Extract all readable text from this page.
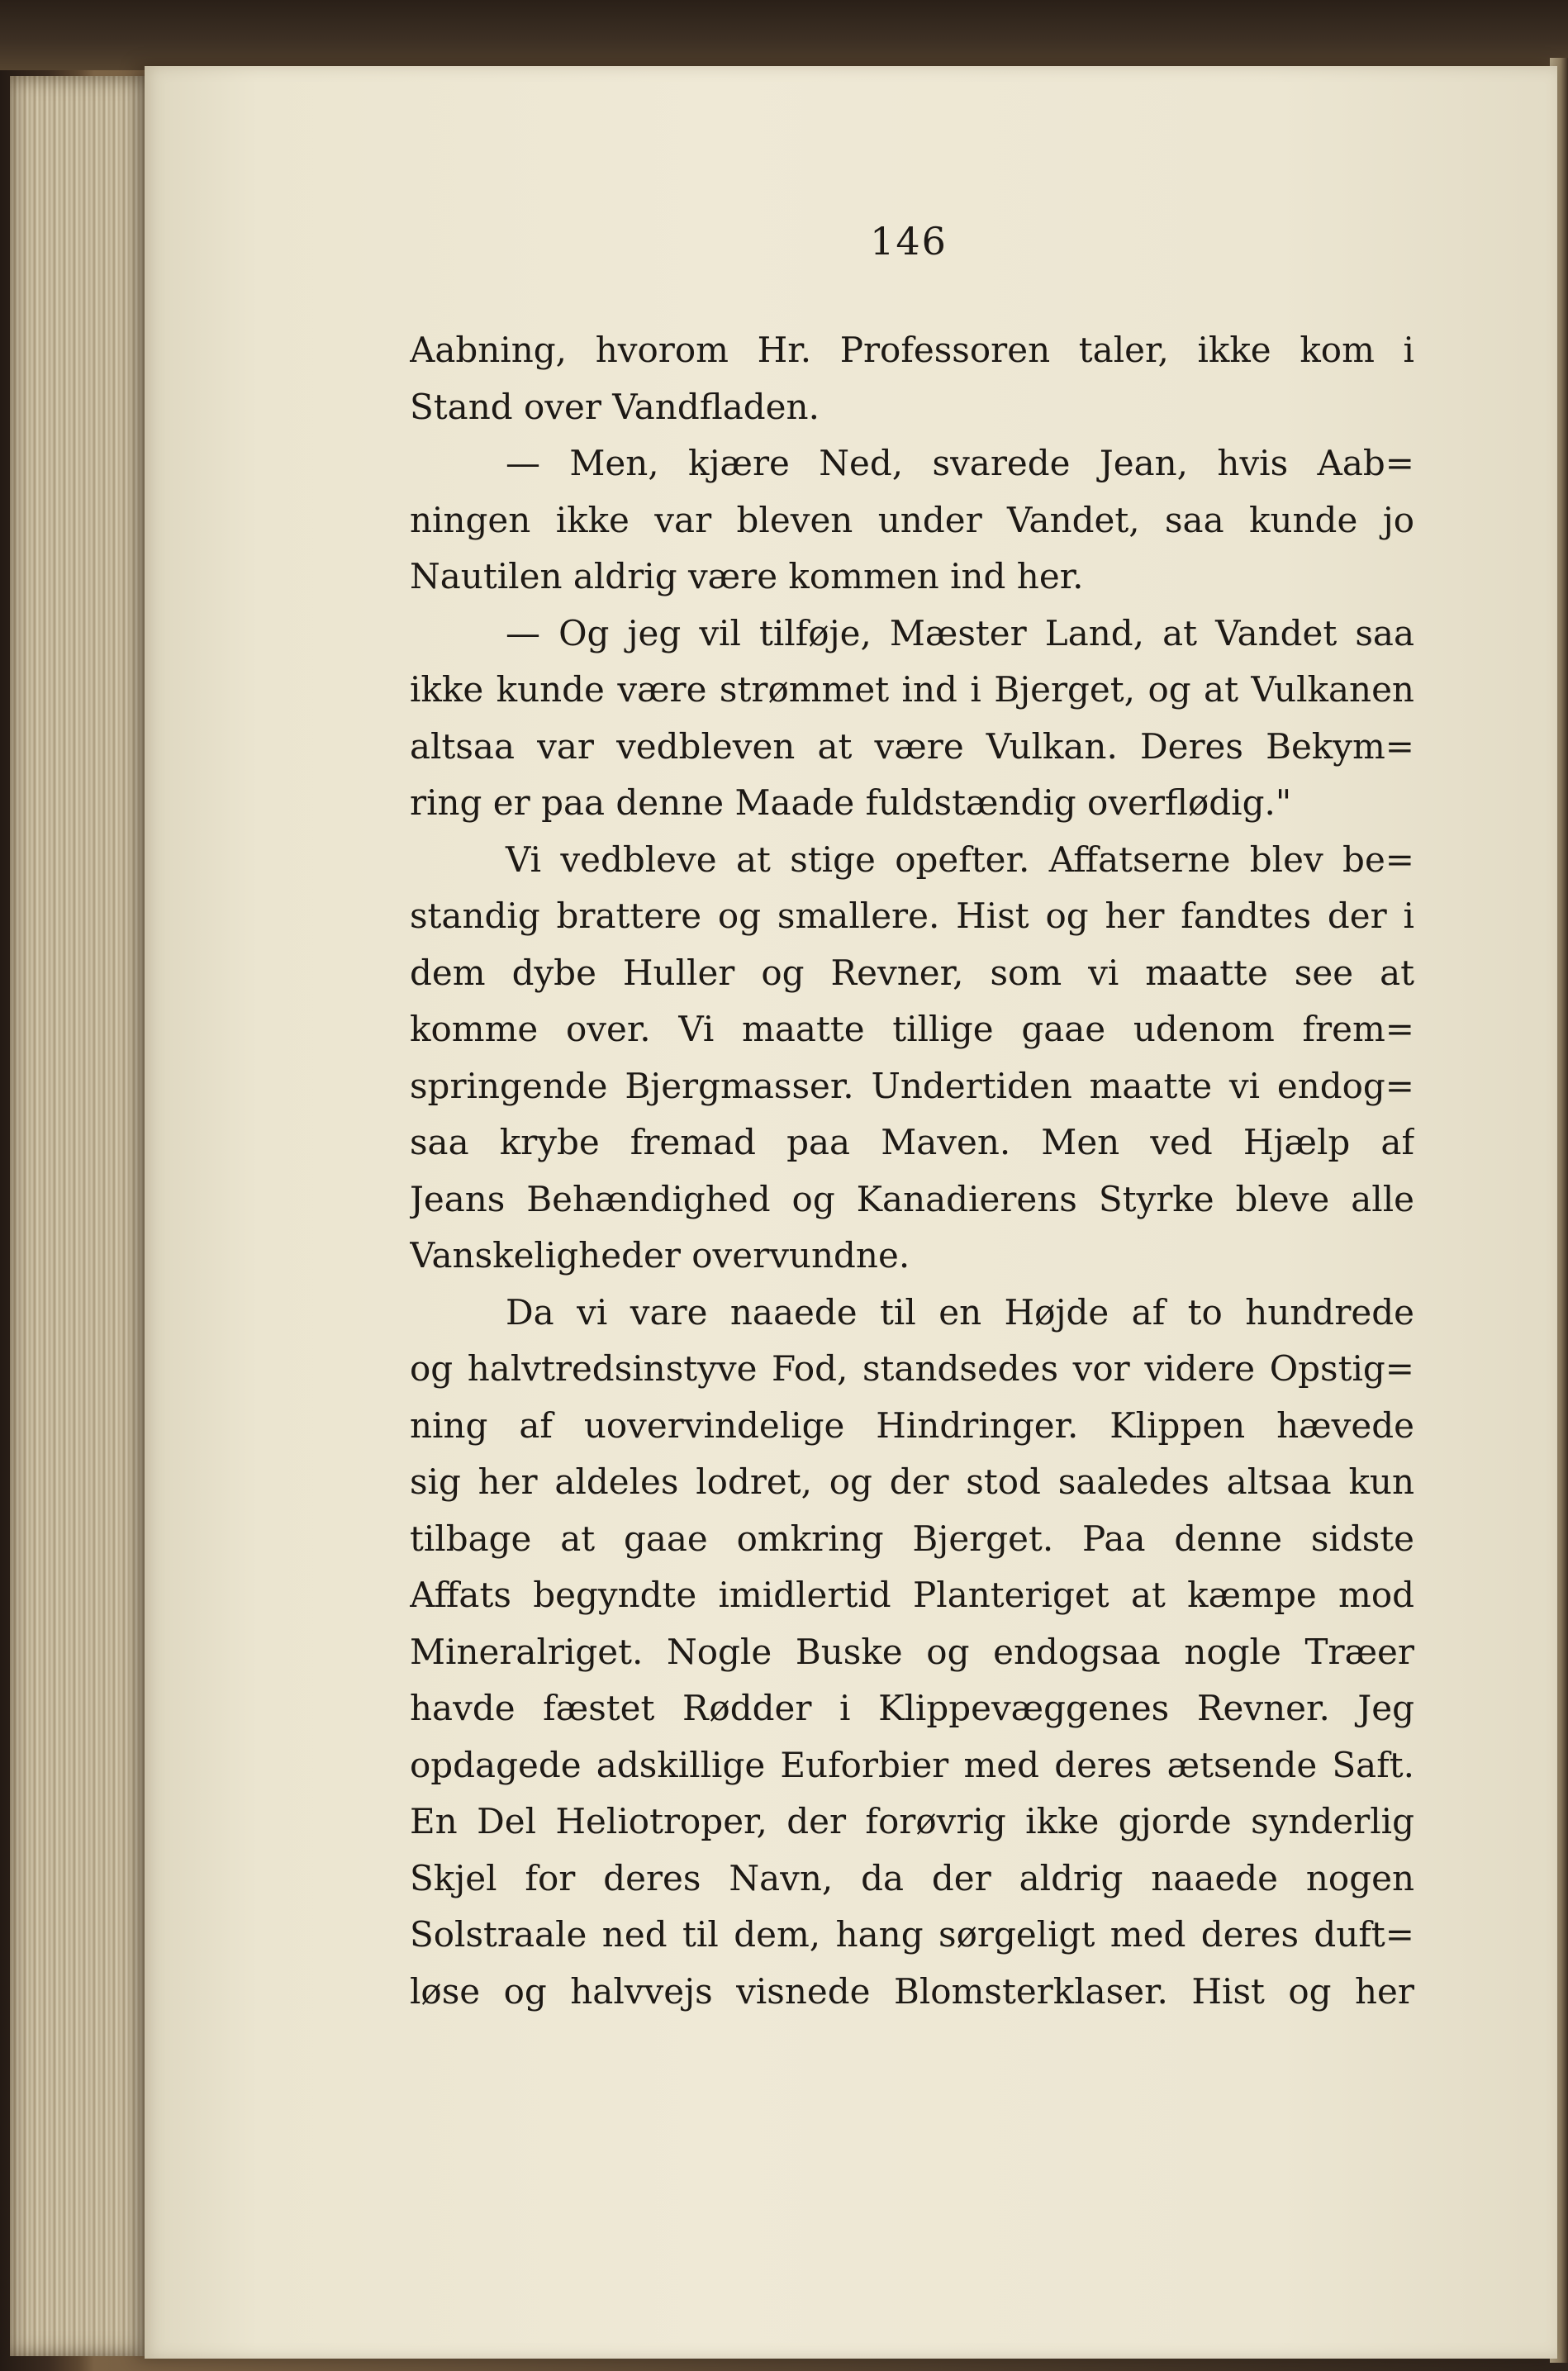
146
Aabning, hvorom Hr. Professoren taler, ikke kom i
Stand over Vandfladen.
— Men, kjære Ned, svarede Jean, hvis Aab=
ningen ikke var bleven under Vandet, saa kunde jo
Nautilen aldrig være kommen ind her.
— Og jeg vil tilføje, Mæster Land, at Vandet saa
ikke kunde være strømmet ind i Bjerget, og at Vulkanen
altsaa var vedbleven at være Vulkan. Deres Bekym=
ring er paa denne Maade fuldstændig overflødig."
Vi vedbleve at stige opefter. Affatserne blev be=
standig brattere og smallere. Hist og her fandtes der i
dem dybe Huller og Revner, som vi maatte see at
komme over. Vi maatte tillige gaae udenom frem=
springende Bjergmasser. Undertiden maatte vi endog=
saa krybe fremad paa Maven. Men ved Hjælp af
Jeans Behændighed og Kanadierens Styrke bleve alle
Vanskeligheder overvundne.
Da vi vare naaede til en Højde af to hundrede
og halvtredsinstyve Fod, standsedes vor videre Opstig=
ning af uovervindelige Hindringer. Klippen hævede
sig her aldeles lodret, og der stod saaledes altsaa kun
tilbage at gaae omkring Bjerget. Paa denne sidste
Affats begyndte imidlertid Planteriget at kæmpe mod
Mineralriget. Nogle Buske og endogsaa nogle Træer
havde fæstet Rødder i Klippevæggenes Revner. Jeg
opdagede adskillige Euforbier med deres ætsende Saft.
En Del Heliotroper, der forøvrig ikke gjorde synderlig
Skjel for deres Navn, da der aldrig naaede nogen
Solstraale ned til dem, hang sørgeligt med deres duft=
løse og halvvejs visnede Blomsterklaser. Hist og her
